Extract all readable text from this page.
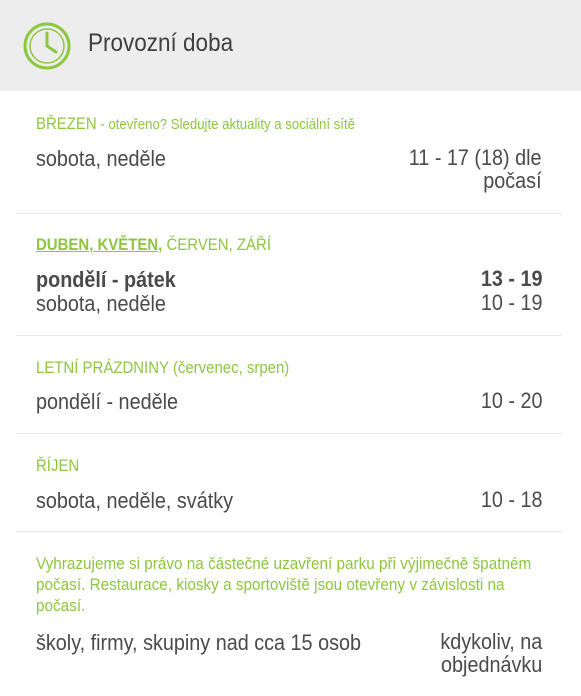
Provozní doba
BŘEZEN - otevřeno? Sledujte aktuality a sociální sítě
sobota, neděle	11 - 17 (18) dle
počasí
DUBEN, KVĚTEN, ČERVEN, ZÁŘÍ
pondělí - pátek	13 - 19
sobota, neděle	10 - 19
LETNÍ PRÁZDNINY (červenec, srpen)
pondělí - neděle	10 - 20
ŘÍJEN
sobota, neděle, svátky	10 - 18
Vyhrazujeme si právo na částečné uzavření parku při výjimečně špatném počasí. Restaurace, kiosky a sportoviště jsou otevřeny v závislosti na počasí.
školy, firmy, skupiny nad cca 15 osob	kdykoliv, na
objednávku
